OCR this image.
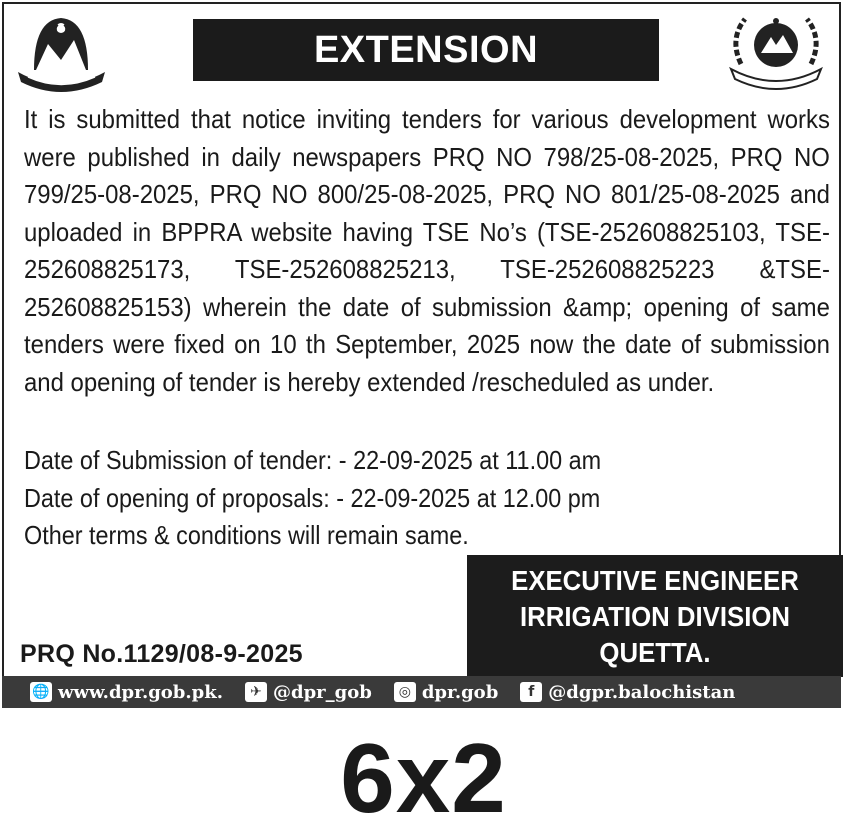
EXTENSION

It is submitted that notice inviting tenders for various development works were published in daily newspapers PRQ NO 798/25-08-2025, PRQ NO 799/25-08-2025, PRQ NO 800/25-08-2025, PRQ NO 801/25-08-2025 and uploaded in BPPRA website having TSE No’s (TSE-252608825103, TSE-252608825173, TSE-252608825213, TSE-252608825223 &TSE-252608825153) wherein the date of submission &amp; opening of same tenders were fixed on 10 th September, 2025 now the date of submission and opening of tender is hereby extended /rescheduled as under.

Date of Submission of tender: - 22-09-2025 at 11.00 am
Date of opening of proposals: - 22-09-2025 at 12.00 pm
Other terms & conditions will remain same.
EXECUTIVE ENGINEER
IRRIGATION DIVISION
QUETTA.
PRQ No.1129/08-9-2025
🌐 www.dpr.gob.pk.	✈ @dpr_gob	◎ dpr.gob	f @dgpr.balochistan
6x2
